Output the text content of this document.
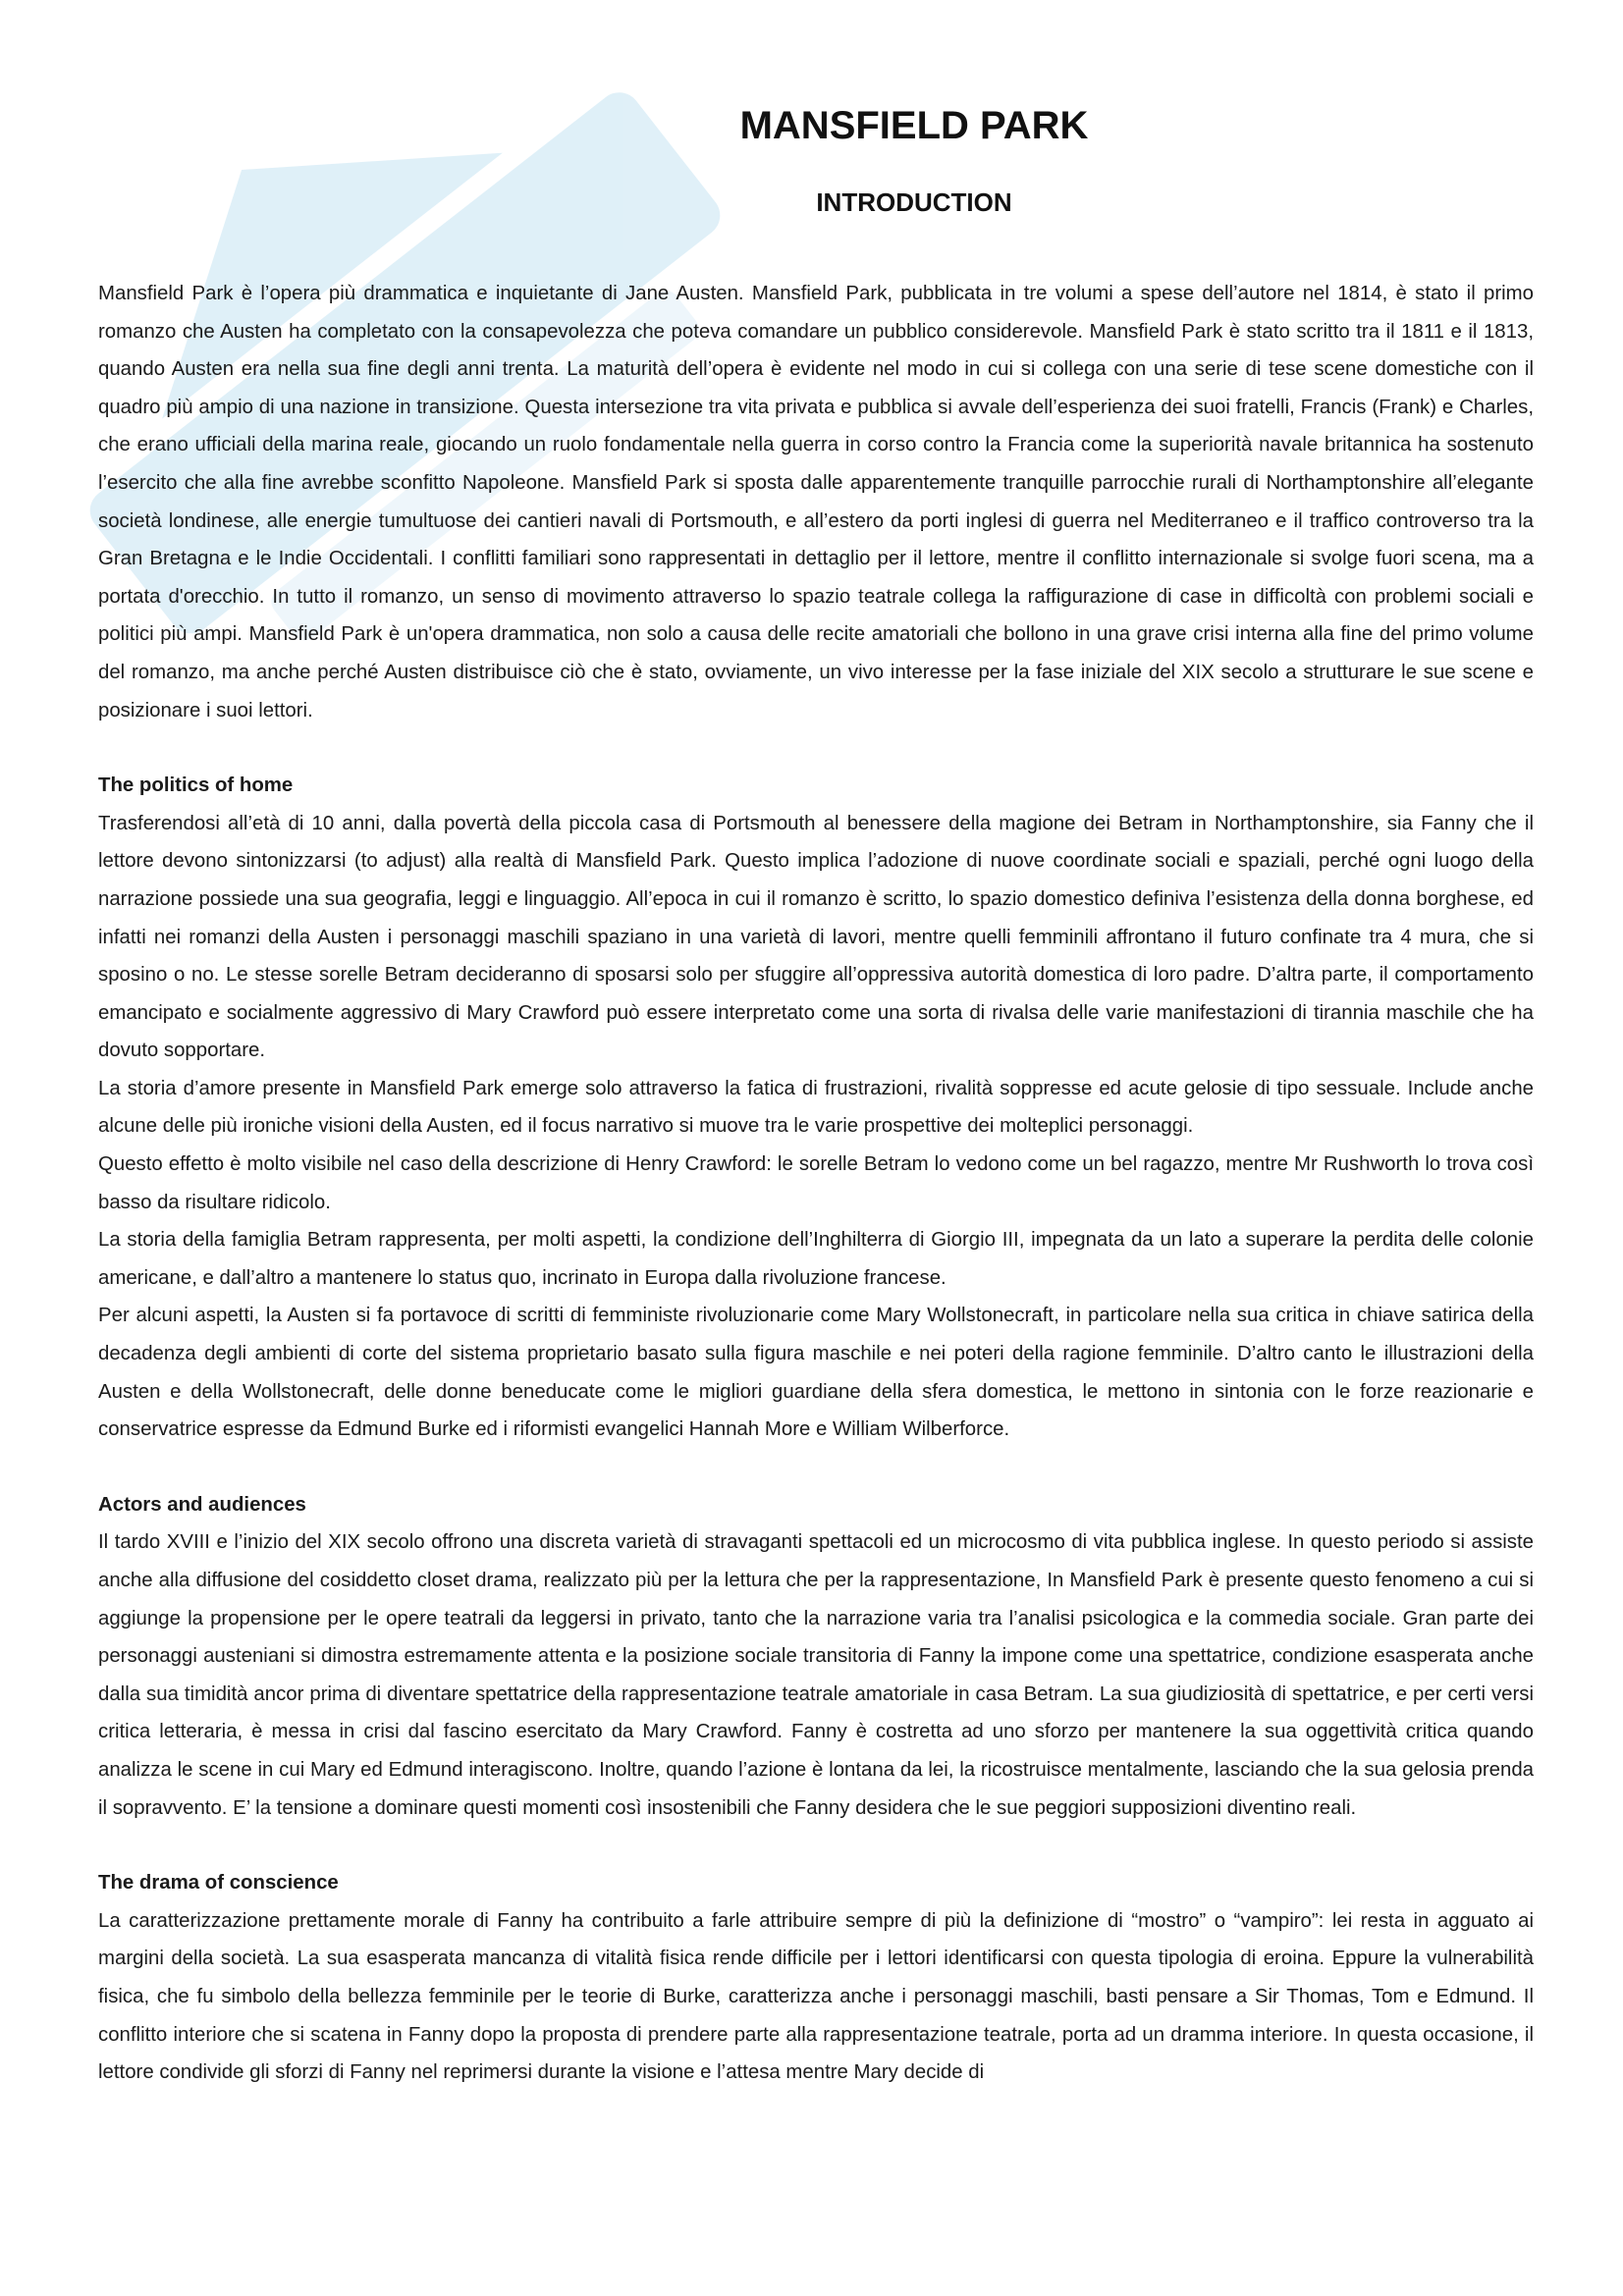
MANSFIELD PARK
INTRODUCTION

Mansfield Park è l’opera più drammatica e inquietante di Jane Austen. Mansfield Park, pubblicata in tre volumi a spese dell’autore nel 1814, è stato il primo romanzo che Austen ha completato con la consapevolezza che poteva comandare un pubblico considerevole. Mansfield Park è stato scritto tra il 1811 e il 1813, quando Austen era nella sua fine degli anni trenta. La maturità dell’opera è evidente nel modo in cui si collega con una serie di tese scene domestiche con il quadro più ampio di una nazione in transizione. Questa intersezione tra vita privata e pubblica si avvale dell’esperienza dei suoi fratelli, Francis (Frank) e Charles, che erano ufficiali della marina reale, giocando un ruolo fondamentale nella guerra in corso contro la Francia come la superiorità navale britannica ha sostenuto l’esercito che alla fine avrebbe sconfitto Napoleone. Mansfield Park si sposta dalle apparentemente tranquille parrocchie rurali di Northamptonshire all’elegante società londinese, alle energie tumultuose dei cantieri navali di Portsmouth, e all’estero da porti inglesi di guerra nel Mediterraneo e il traffico controverso tra la Gran Bretagna e le Indie Occidentali. I conflitti familiari sono rappresentati in dettaglio per il lettore, mentre il conflitto internazionale si svolge fuori scena, ma a portata d'orecchio. In tutto il romanzo, un senso di movimento attraverso lo spazio teatrale collega la raffigurazione di case in difficoltà con problemi sociali e politici più ampi. Mansfield Park è un'opera drammatica, non solo a causa delle recite amatoriali che bollono in una grave crisi interna alla fine del primo volume del romanzo, ma anche perché Austen distribuisce ciò che è stato, ovviamente, un vivo interesse per la fase iniziale del XIX secolo a strutturare le sue scene e posizionare i suoi lettori.

The politics of home

Trasferendosi all’età di 10 anni, dalla povertà della piccola casa di Portsmouth al benessere della magione dei Betram in Northamptonshire, sia Fanny che il lettore devono sintonizzarsi (to adjust) alla realtà di Mansfield Park. Questo implica l’adozione di nuove coordinate sociali e spaziali, perché ogni luogo della narrazione possiede una sua geografia, leggi e linguaggio. All’epoca in cui il romanzo è scritto, lo spazio domestico definiva l’esistenza della donna borghese, ed infatti nei romanzi della Austen i personaggi maschili spaziano in una varietà di lavori, mentre quelli femminili affrontano il futuro confinate tra 4 mura, che si sposino o no. Le stesse sorelle Betram decideranno di sposarsi solo per sfuggire all’oppressiva autorità domestica di loro padre. D’altra parte, il comportamento emancipato e socialmente aggressivo di Mary Crawford può essere interpretato come una sorta di rivalsa delle varie manifestazioni di tirannia maschile che ha dovuto sopportare.

La storia d’amore presente in Mansfield Park emerge solo attraverso la fatica di frustrazioni, rivalità soppresse ed acute gelosie di tipo sessuale. Include anche alcune delle più ironiche visioni della Austen, ed il focus narrativo si muove tra le varie prospettive dei molteplici personaggi.

Questo effetto è molto visibile nel caso della descrizione di Henry Crawford: le sorelle Betram lo vedono come un bel ragazzo, mentre Mr Rushworth lo trova così basso da risultare ridicolo.

La storia della famiglia Betram rappresenta, per molti aspetti, la condizione dell’Inghilterra di Giorgio III, impegnata da un lato a superare la perdita delle colonie americane, e dall’altro a mantenere lo status quo, incrinato in Europa dalla rivoluzione francese.

Per alcuni aspetti, la Austen si fa portavoce di scritti di femministe rivoluzionarie come Mary Wollstonecraft, in particolare nella sua critica in chiave satirica della decadenza degli ambienti di corte del sistema proprietario basato sulla figura maschile e nei poteri della ragione femminile. D’altro canto le illustrazioni della Austen e della Wollstonecraft, delle donne beneducate come le migliori guardiane della sfera domestica, le mettono in sintonia con le forze reazionarie e conservatrice espresse da Edmund Burke ed i riformisti evangelici Hannah More e William Wilberforce.

Actors and audiences

Il tardo XVIII e l’inizio del XIX secolo offrono una discreta varietà di stravaganti spettacoli ed un microcosmo di vita pubblica inglese. In questo periodo si assiste anche alla diffusione del cosiddetto closet drama, realizzato più per la lettura che per la rappresentazione, In Mansfield Park è presente questo fenomeno a cui si aggiunge la propensione per le opere teatrali da leggersi in privato, tanto che la narrazione varia tra l’analisi psicologica e la commedia sociale. Gran parte dei personaggi austeniani si dimostra estremamente attenta e la posizione sociale transitoria di Fanny la impone come una spettatrice, condizione esasperata anche dalla sua timidità ancor prima di diventare spettatrice della rappresentazione teatrale amatoriale in casa Betram. La sua giudiziosità di spettatrice, e per certi versi critica letteraria, è messa in crisi dal fascino esercitato da Mary Crawford. Fanny è costretta ad uno sforzo per mantenere la sua oggettività critica quando analizza le scene in cui Mary ed Edmund interagiscono. Inoltre, quando l’azione è lontana da lei, la ricostruisce mentalmente, lasciando che la sua gelosia prenda il sopravvento. E’ la tensione a dominare questi momenti così insostenibili che Fanny desidera che le sue peggiori supposizioni diventino reali.

The drama of conscience

La caratterizzazione prettamente morale di Fanny ha contribuito a farle attribuire sempre di più la definizione di “mostro” o “vampiro”: lei resta in agguato ai margini della società. La sua esasperata mancanza di vitalità fisica rende difficile per i lettori identificarsi con questa tipologia di eroina. Eppure la vulnerabilità fisica, che fu simbolo della bellezza femminile per le teorie di Burke, caratterizza anche i personaggi maschili, basti pensare a Sir Thomas, Tom e Edmund. Il conflitto interiore che si scatena in Fanny dopo la proposta di prendere parte alla rappresentazione teatrale, porta ad un dramma interiore. In questa occasione, il lettore condivide gli sforzi di Fanny nel reprimersi durante la visione e l’attesa mentre Mary decide di
